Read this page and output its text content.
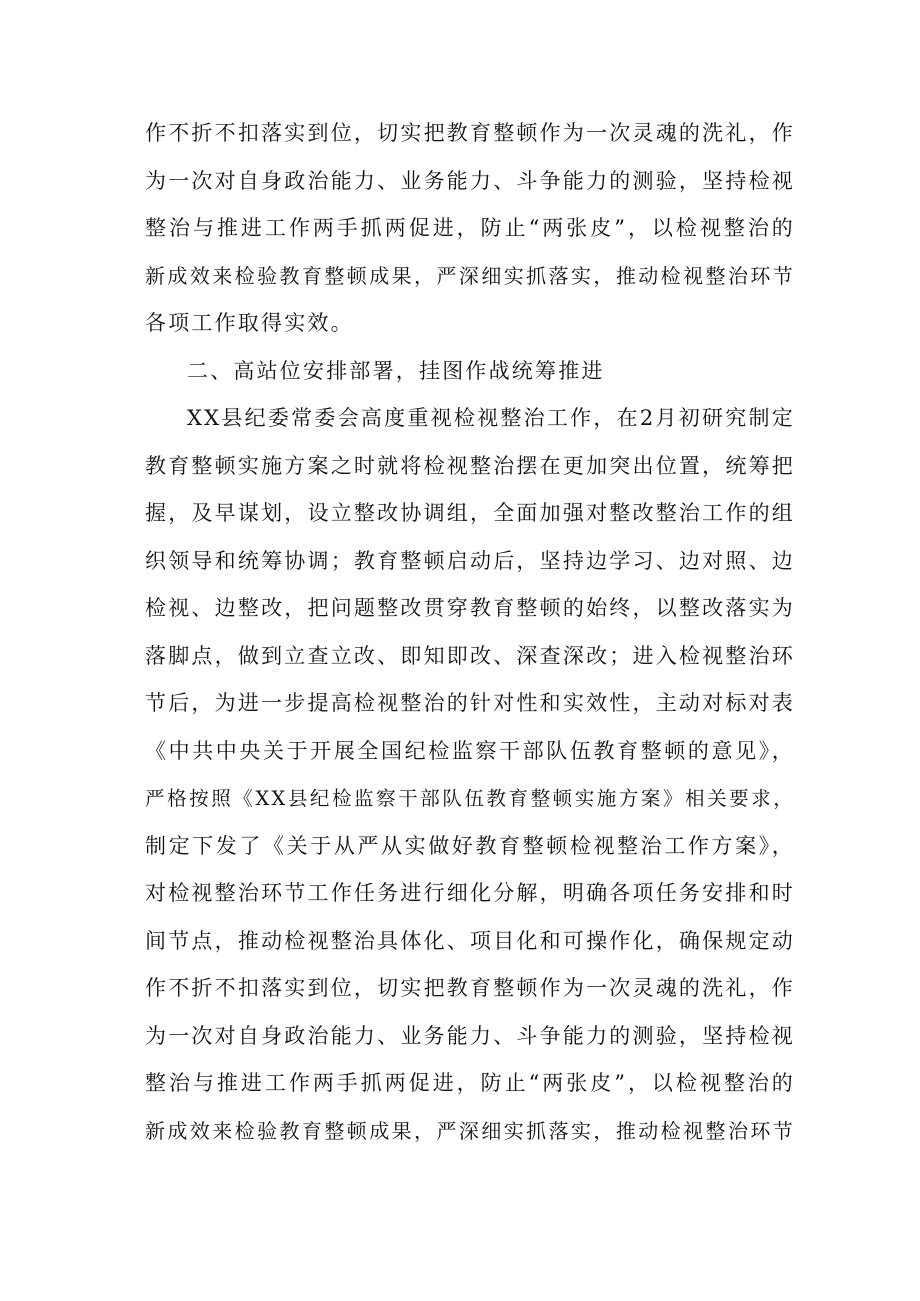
作不折不扣落实到位，切实把教育整顿作为一次灵魂的洗礼，作
为一次对自身政治能力、业务能力、斗争能力的测验，坚持检视
整治与推进工作两手抓两促进，防止“两张皮”，以检视整治的
新成效来检验教育整顿成果，严深细实抓落实，推动检视整治环节
各项工作取得实效。
二、高站位安排部署，挂图作战统筹推进
XX县纪委常委会高度重视检视整治工作，在2月初研究制定
教育整顿实施方案之时就将检视整治摆在更加突出位置，统筹把
握，及早谋划，设立整改协调组，全面加强对整改整治工作的组
织领导和统筹协调；教育整顿启动后，坚持边学习、边对照、边
检视、边整改，把问题整改贯穿教育整顿的始终，以整改落实为
落脚点，做到立查立改、即知即改、深查深改；进入检视整治环
节后，为进一步提高检视整治的针对性和实效性，主动对标对表
《中共中央关于开展全国纪检监察干部队伍教育整顿的意见》，
严格按照《XX县纪检监察干部队伍教育整顿实施方案》相关要求，
制定下发了《关于从严从实做好教育整顿检视整治工作方案》，
对检视整治环节工作任务进行细化分解，明确各项任务安排和时
间节点，推动检视整治具体化、项目化和可操作化，确保规定动
作不折不扣落实到位，切实把教育整顿作为一次灵魂的洗礼，作
为一次对自身政治能力、业务能力、斗争能力的测验，坚持检视
整治与推进工作两手抓两促进，防止“两张皮”，以检视整治的
新成效来检验教育整顿成果，严深细实抓落实，推动检视整治环节
